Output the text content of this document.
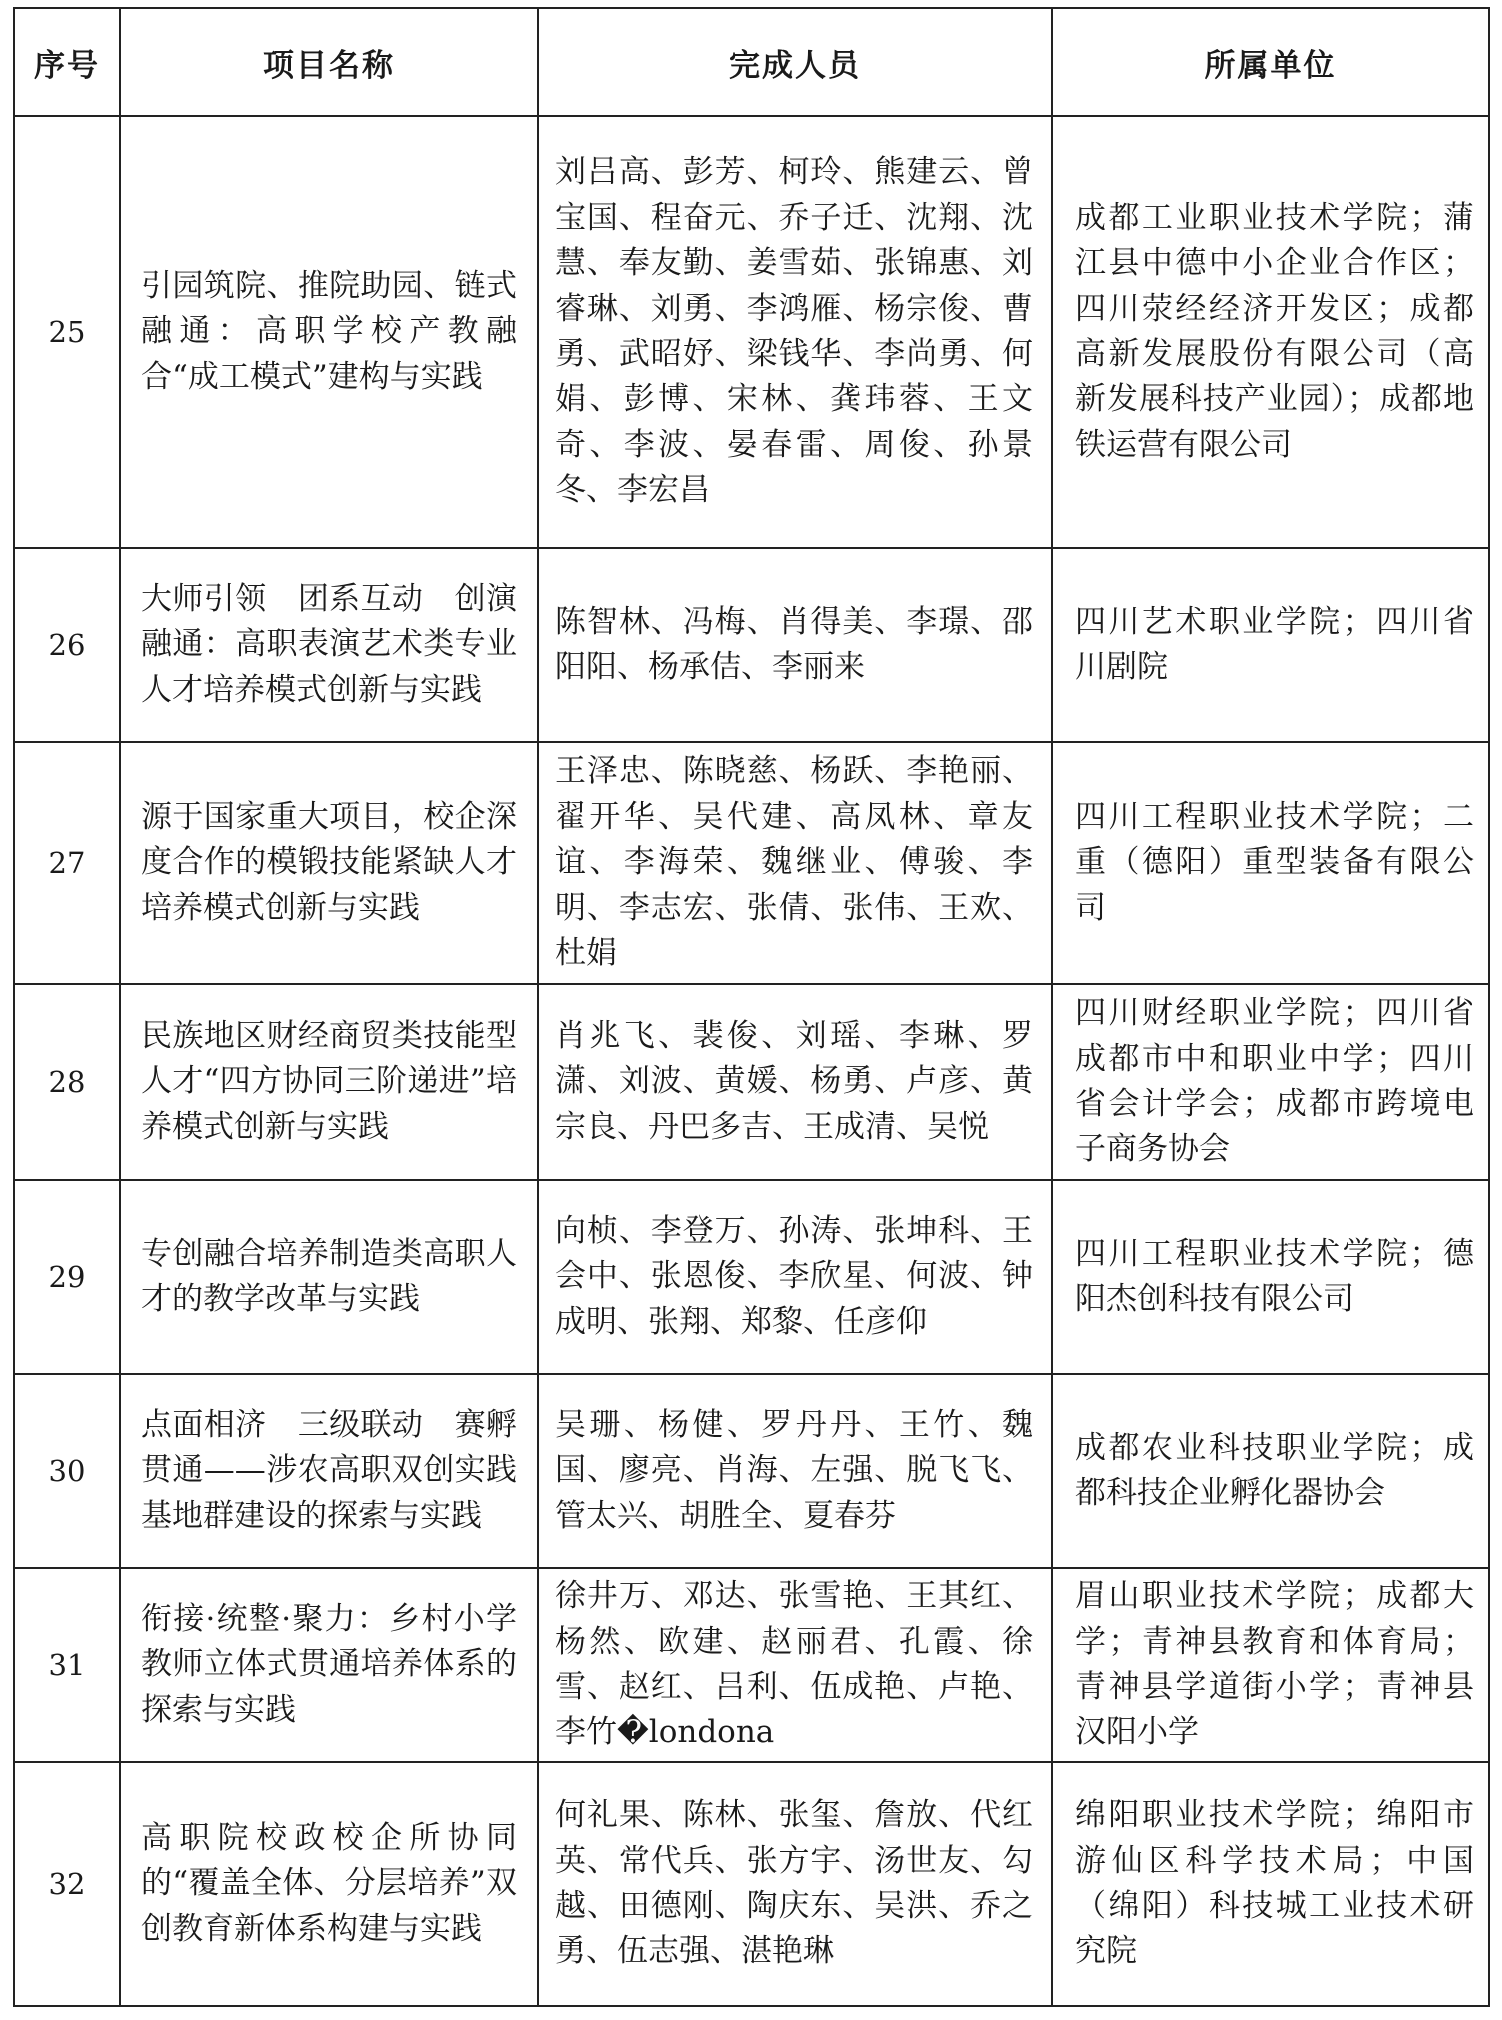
序号	项目名称	完成人员	所属单位
25	引园筑院、推院助园、链式融通：高职学校产教融合“成工模式”建构与实践	刘吕高、彭芳、柯玲、熊建云、曾宝国、程奋元、乔子迁、沈翔、沈慧、奉友勤、姜雪茹、张锦惠、刘睿琳、刘勇、李鸿雁、杨宗俊、曹勇、武昭妤、梁钱华、李尚勇、何娟、彭博、宋林、龚玮蓉、王文奇、李波、晏春雷、周俊、孙景冬、李宏昌	成都工业职业技术学院；蒲江县中德中小企业合作区；四川荥经经济开发区；成都高新发展股份有限公司（高新发展科技产业园）；成都地铁运营有限公司
26	大师引领　团系互动　创演融通：高职表演艺术类专业人才培养模式创新与实践	陈智林、冯梅、肖得美、李璟、邵阳阳、杨承佶、李丽来	四川艺术职业学院；四川省川剧院
27	源于国家重大项目，校企深度合作的模锻技能紧缺人才培养模式创新与实践	王泽忠、陈晓慈、杨跃、李艳丽、翟开华、吴代建、高凤林、章友谊、李海荣、魏继业、傅骏、李明、李志宏、张倩、张伟、王欢、杜娟	四川工程职业技术学院；二重（德阳）重型装备有限公司
28	民族地区财经商贸类技能型人才“四方协同三阶递进”培养模式创新与实践	肖兆飞、裴俊、刘瑶、李琳、罗潇、刘波、黄媛、杨勇、卢彦、黄宗良、丹巴多吉、王成清、吴悦	四川财经职业学院；四川省成都市中和职业中学；四川省会计学会；成都市跨境电子商务协会
29	专创融合培养制造类高职人才的教学改革与实践	向桢、李登万、孙涛、张坤科、王会中、张恩俊、李欣星、何波、钟成明、张翔、郑黎、任彦仰	四川工程职业技术学院；德阳杰创科技有限公司
30	点面相济　三级联动　赛孵贯通——涉农高职双创实践基地群建设的探索与实践	吴珊、杨健、罗丹丹、王竹、魏国、廖亮、肖海、左强、脱飞飞、管太兴、胡胜全、夏春芬	成都农业科技职业学院；成都科技企业孵化器协会
31	衔接·统整·聚力：乡村小学教师立体式贯通培养体系的探索与实践	徐井万、邓达、张雪艳、王其红、杨然、欧建、赵丽君、孔霞、徐雪、赵红、吕利、伍成艳、卢艳、李竹�londona	眉山职业技术学院；成都大学；青神县教育和体育局；青神县学道街小学；青神县汉阳小学
32	高职院校政校企所协同的“覆盖全体、分层培养”双创教育新体系构建与实践	何礼果、陈林、张玺、詹放、代红英、常代兵、张方宇、汤世友、勾越、田德刚、陶庆东、吴洪、乔之勇、伍志强、湛艳琳	绵阳职业技术学院；绵阳市游仙区科学技术局；中国（绵阳）科技城工业技术研究院
